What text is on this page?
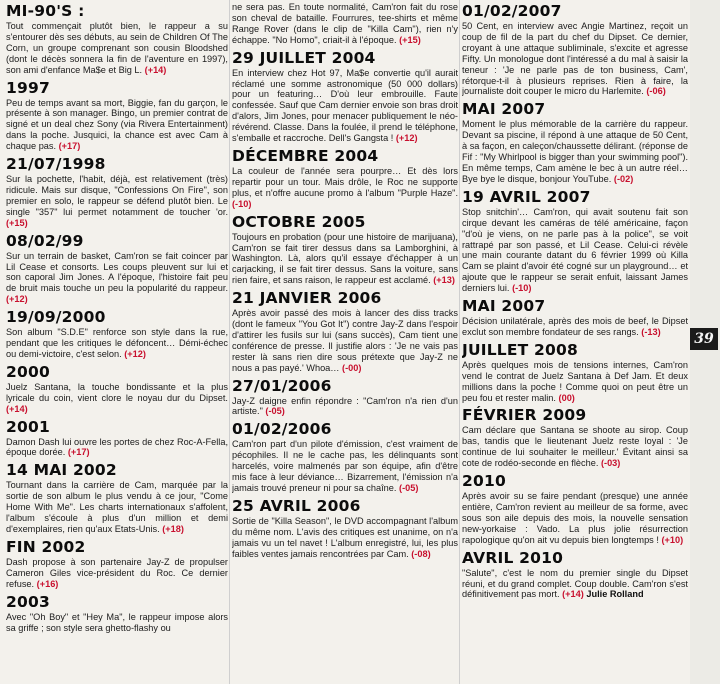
MI-90'S :

Tout commençait plutôt bien, le rappeur a su s'entourer dès ses débuts, au sein de Children Of The Corn, un groupe comprenant son cousin Bloodshed (dont le décès sonnera la fin de l'aventure en 1997), son ami d'enfance Ma$e et Big L. (+14)

1997

Peu de temps avant sa mort, Biggie, fan du garçon, le présente à son manager. Bingo, un premier contrat de signé et un deal chez Sony (via Rivera Entertainment) dans la poche. Jusquici, la chance est avec Cam à chaque pas. (+17)

21/07/1998

Sur la pochette, l'habit, déjà, est relativement (très) ridicule. Mais sur disque, "Confessions On Fire", son premier en solo, le rappeur se défend plutôt bien. Le single "357" lui permet notamment de toucher 'or. (+15)

08/02/99

Sur un terrain de basket, Cam'ron se fait coincer par Lil Cease et consorts. Les coups pleuvent sur lui et son caporal Jim Jones. A l'époque, l'histoire fait peu de bruit mais touche un peu la popularité du rappeur. (+12)

19/09/2000

Son album "S.D.E" renforce son style dans la rue, pendant que les critiques le défoncent… Démi-échec ou demi-victoire, c'est selon. (+12)

2000

Juelz Santana, la touche bondissante et la plus lyricale du coin, vient clore le noyau dur du Dipset. (+14)

2001

Damon Dash lui ouvre les portes de chez Roc-A-Fella, époque dorée. (+17)

14 MAI 2002

Tournant dans la carrière de Cam, marquée par la sortie de son album le plus vendu à ce jour, "Come Home With Me". Les charts internationaux s'affolent, l'album s'écoule à plus d'un million et demi d'exemplaires, rien qu'aux Etats-Unis. (+18)

FIN 2002

Dash propose à son partenaire Jay-Z de propulser Cameron Giles vice-président du Roc. Ce dernier refuse. (+16)

2003

Avec "Oh Boy" et "Hey Ma", le rappeur impose alors sa griffe ; son style sera ghetto-flashy ou

ne sera pas. En toute normalité, Cam'ron fait du rose son cheval de bataille. Fourrures, tee-shirts et même Range Rover (dans le clip de "Killa Cam"), rien n'y échappe. "No Homo", criait-il à l'époque. (+15)

29 JUILLET 2004

En interview chez Hot 97, Ma$e convertie qu'il aurait réclamé une somme astronomique (50 000 dollars) pour un featuring… D'où leur embrouille. Faute confessée. Sauf que Cam dernier envoie son bras droit d'alors, Jim Jones, pour menacer publiquement le néo-révérend. Classe. Dans la foulée, il prend le téléphone, s'emballe et raccroche. Dell's Gangsta ! (+12)

DÉCEMBRE 2004

La couleur de l'année sera pourpre… Et dès lors repartir pour un tour. Mais drôle, le Roc ne supporte plus, et n'offre aucune promo à l'album "Purple Haze". (-10)

OCTOBRE 2005

Toujours en probation (pour une histoire de marijuana), Cam'ron se fait tirer dessus dans sa Lamborghini, à Washington. Là, alors qu'il essaye d'échapper à un carjacking, il se fait tirer dessus. Sans la voiture, sans rien faire, et sans raison, le rappeur est acclamé. (+13)

21 JANVIER 2006

Après avoir passé des mois à lancer des diss tracks (dont le fameux "You Got It") contre Jay-Z dans l'espoir d'attirer les fusils sur lui (sans succès), Cam tient une conférence de presse. Il justifie alors : 'Je ne vais pas rester là sans rien dire sous prétexte que Jay-Z ne nous a pas payé.' Whoa… (-00)

27/01/2006

Jay-Z daigne enfin répondre : "Cam'ron n'a rien d'un artiste." (-05)

01/02/2006

Cam'ron part d'un pilote d'émission, c'est vraiment de pécophiles. Il ne le cache pas, les délinquants sont harcelés, voire malmenés par son équipe, afin d'être mis face à leur déviance… Bizarrement, l'émission n'a jamais trouvé preneur ni pour sa chaîne. (-05)

25 AVRIL 2006

Sortie de "Killa Season", le DVD accompagnant l'album du même nom. L'avis des critiques est unanime, on n'a jamais vu un tel navet ! L'album enregistré, lui, les plus faibles ventes jamais rencontrées par Cam. (-08)

01/02/2007

50 Cent, en interview avec Angie Martinez, reçoit un coup de fil de la part du chef du Dipset. Ce dernier, croyant à une attaque subliminale, s'excite et agresse Fifty. Un monologue dont l'intéressé a du mal à saisir la teneur : 'Je ne parle pas de ton business, Cam', rétorque-t-il à plusieurs reprises. Rien à faire, la journaliste doit couper le micro du Harlemite. (-06)

MAI 2007

Moment le plus mémorable de la carrière du rappeur. Devant sa piscine, il répond à une attaque de 50 Cent, à sa façon, en caleçon/chaussette délirant. (réponse de Fif : "My Whirlpool is bigger than your swimming pool"). En même temps, Cam amène le bec à un autre réel… Bye bye le disque, bonjour YouTube. (-02)

19 AVRIL 2007

Stop snitchin'… Cam'ron, qui avait soutenu fait son cirque devant les caméras de télé américaine, façon "d'où je viens, on ne parle pas à la police", se voit rattrapé par son passé, et Lil Cease. Celui-ci révèle une main courante datant du 6 février 1999 où Killa Cam se plaint d'avoir été cogné sur un playground… et ajoute que le rappeur se serait enfuit, laissant James derniers lui. (-10)

MAI 2007

Décision unilatérale, après des mois de beef, le Dipset exclut son membre fondateur de ses rangs. (-13)

JUILLET 2008

Après quelques mois de tensions internes, Cam'ron vend le contrat de Juelz Santana à Def Jam. Et deux millions dans la poche ! Comme quoi on peut être un peu fou et rester malin. (00)

FÉVRIER 2009

Cam déclare que Santana se shoote au sirop. Coup bas, tandis que le lieutenant Juelz reste loyal : 'Je continue de lui souhaiter le meilleur.' Évitant ainsi sa cote de rodéo-seconde en flèche. (-03)

2010

Après avoir su se faire pendant (presque) une année entière, Cam'ron revient au meilleur de sa forme, avec sous son aile depuis des mois, la nouvelle sensation new-yorkaise : Vado. La plus jolie résurrection rapologique qu'on ait vu depuis bien longtemps ! (+10)

AVRIL 2010

"Salute", c'est le nom du premier single du Dipset réuni, et du grand complet. Coup double. Cam'ron s'est définitivement pas mort. (+14) Julie Rolland

39
